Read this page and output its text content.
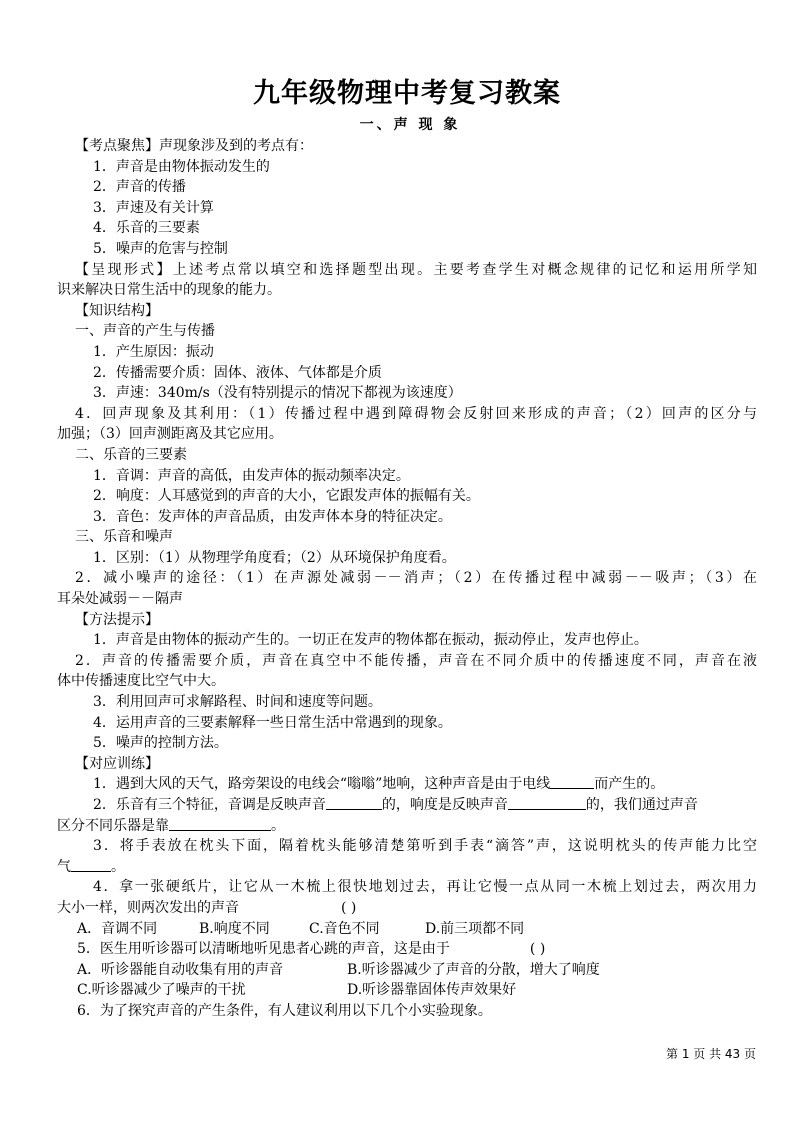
九年级物理中考复习教案
一、声 现 象
【考点聚焦】声现象涉及到的考点有：
1．声音是由物体振动发生的
2．声音的传播
3．声速及有关计算
4．乐音的三要素
5．噪声的危害与控制
【呈现形式】上述考点常以填空和选择题型出现。主要考查学生对概念规律的记忆和运用所学知
识来解决日常生活中的现象的能力。
【知识结构】
一、声音的产生与传播
1．产生原因：振动
2．传播需要介质：固体、液体、气体都是介质
3．声速：340m/s（没有特别提示的情况下都视为该速度）
4．回声现象及其利用：（1）传播过程中遇到障碍物会反射回来形成的声音；（2）回声的区分与
加强；（3）回声测距离及其它应用。
二、乐音的三要素
1．音调：声音的高低，由发声体的振动频率决定。
2．响度：人耳感觉到的声音的大小，它跟发声体的振幅有关。
3．音色：发声体的声音品质，由发声体本身的特征决定。
三、乐音和噪声
1．区别：（1）从物理学角度看；（2）从环境保护角度看。
2．减小噪声的途径：（1）在声源处减弱－－消声；（2）在传播过程中减弱－－吸声；（3）在
耳朵处减弱－－隔声
【方法提示】
1．声音是由物体的振动产生的。一切正在发声的物体都在振动，振动停止，发声也停止。
2．声音的传播需要介质，声音在真空中不能传播，声音在不同介质中的传播速度不同，声音在液
体中传播速度比空气中大。
3．利用回声可求解路程、时间和速度等问题。
4．运用声音的三要素解释一些日常生活中常遇到的现象。
5．噪声的控制方法。
【对应训练】
1．遇到大风的天气，路旁架设的电线会“嗡嗡”地响，这种声音是由于电线	而产生的。
2．乐音有三个特征，音调是反映声音	的，响度是反映声音	的，我们通过声音
区分不同乐器是靠	。
3．将手表放在枕头下面，隔着枕头能够清楚第听到手表“滴答”声，这说明枕头的传声能力比空
气	。
4．拿一张硬纸片，让它从一木梳上很快地划过去，再让它慢一点从同一木梳上划过去，两次用力
大小一样，则两次发出的声音	( )
A．音调不同	B.响度不同	C.音色不同	D.前三项都不同
5．医生用听诊器可以清晰地听见患者心跳的声音，这是由于	( )
A．听诊器能自动收集有用的声音	B.听诊器减少了声音的分散，增大了响度
C.听诊器减少了噪声的干扰	D.听诊器靠固体传声效果好
6．为了探究声音的产生条件，有人建议利用以下几个小实验现象。
第 1 页 共 43 页
